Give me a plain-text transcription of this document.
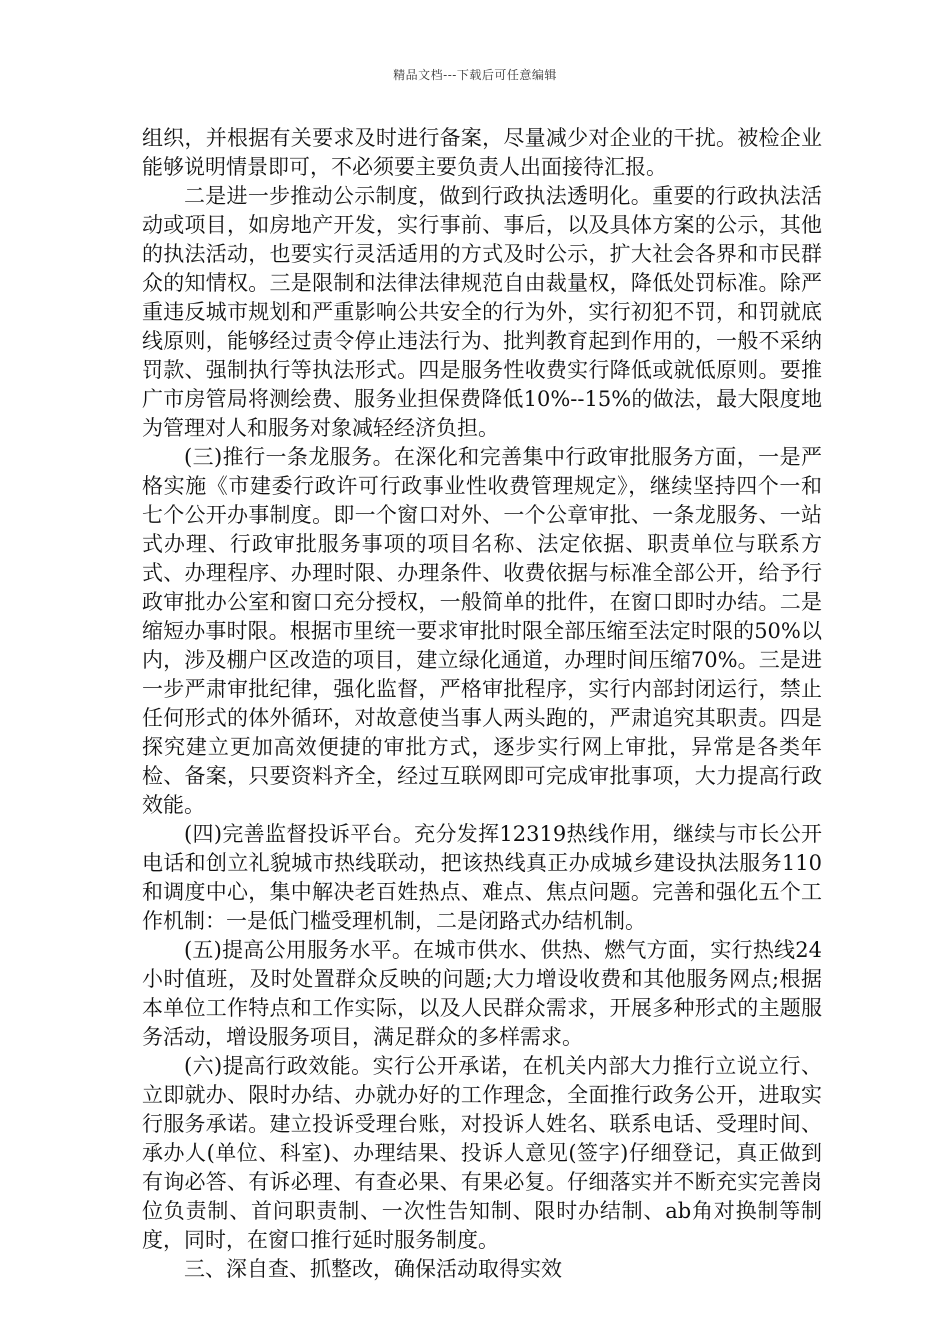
精品文档---下载后可任意编辑

组织，并根据有关要求及时进行备案，尽量减少对企业的干扰。被检企业能够说明情景即可，不必须要主要负责人出面接待汇报。

二是进一步推动公示制度，做到行政执法透明化。重要的行政执法活动或项目，如房地产开发，实行事前、事后，以及具体方案的公示，其他的执法活动，也要实行灵活适用的方式及时公示，扩大社会各界和市民群众的知情权。三是限制和法律法律规范自由裁量权，降低处罚标准。除严重违反城市规划和严重影响公共安全的行为外，实行初犯不罚，和罚就底线原则，能够经过责令停止违法行为、批判教育起到作用的，一般不采纳罚款、强制执行等执法形式。四是服务性收费实行降低或就低原则。要推广市房管局将测绘费、服务业担保费降低10%--15%的做法，最大限度地为管理对人和服务对象减轻经济负担。

(三)推行一条龙服务。在深化和完善集中行政审批服务方面，一是严格实施《市建委行政许可行政事业性收费管理规定》，继续坚持四个一和七个公开办事制度。即一个窗口对外、一个公章审批、一条龙服务、一站式办理、行政审批服务事项的项目名称、法定依据、职责单位与联系方式、办理程序、办理时限、办理条件、收费依据与标准全部公开，给予行政审批办公室和窗口充分授权，一般简单的批件，在窗口即时办结。二是缩短办事时限。根据市里统一要求审批时限全部压缩至法定时限的50%以内，涉及棚户区改造的项目，建立绿化通道，办理时间压缩70%。三是进一步严肃审批纪律，强化监督，严格审批程序，实行内部封闭运行，禁止任何形式的体外循环，对故意使当事人两头跑的，严肃追究其职责。四是探究建立更加高效便捷的审批方式，逐步实行网上审批，异常是各类年检、备案，只要资料齐全，经过互联网即可完成审批事项，大力提高行政效能。

(四)完善监督投诉平台。充分发挥12319热线作用，继续与市长公开电话和创立礼貌城市热线联动，把该热线真正办成城乡建设执法服务110和调度中心，集中解决老百姓热点、难点、焦点问题。完善和强化五个工作机制：一是低门槛受理机制，二是闭路式办结机制。

(五)提高公用服务水平。在城市供水、供热、燃气方面，实行热线24小时值班，及时处置群众反映的问题;大力增设收费和其他服务网点;根据本单位工作特点和工作实际，以及人民群众需求，开展多种形式的主题服务活动，增设服务项目，满足群众的多样需求。

(六)提高行政效能。实行公开承诺，在机关内部大力推行立说立行、立即就办、限时办结、办就办好的工作理念，全面推行政务公开，进取实行服务承诺。建立投诉受理台账，对投诉人姓名、联系电话、受理时间、承办人(单位、科室)、办理结果、投诉人意见(签字)仔细登记，真正做到有询必答、有诉必理、有查必果、有果必复。仔细落实并不断充实完善岗位负责制、首问职责制、一次性告知制、限时办结制、ab角对换制等制度，同时，在窗口推行延时服务制度。

三、深自查、抓整改，确保活动取得实效
